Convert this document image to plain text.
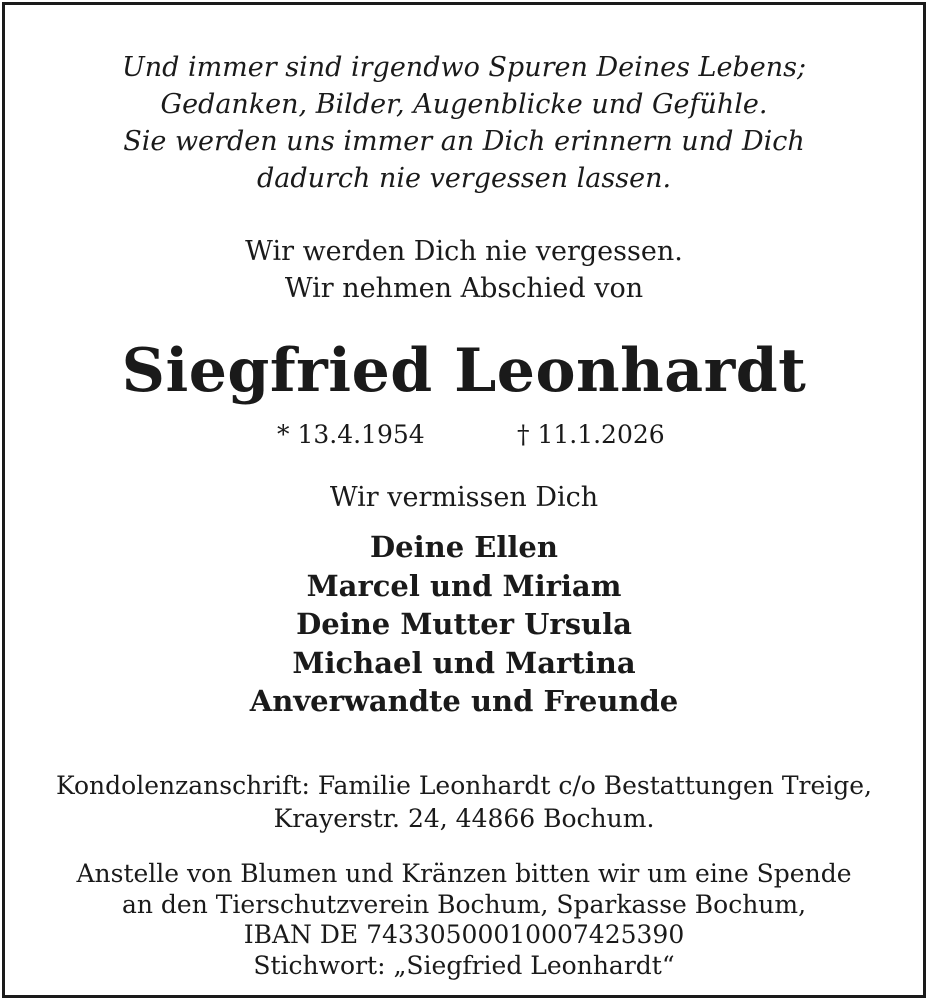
Und immer sind irgendwo Spuren Deines Lebens;
Gedanken, Bilder, Augenblicke und Gefühle.
Sie werden uns immer an Dich erinnern und Dich
dadurch nie vergessen lassen.
Wir werden Dich nie vergessen.
Wir nehmen Abschied von
Siegfried Leonhardt
* 13.4.1954	† 11.1.2026
Wir vermissen Dich
Deine Ellen
Marcel und Miriam
Deine Mutter Ursula
Michael und Martina
Anverwandte und Freunde
Kondolenzanschrift: Familie Leonhardt c/o Bestattungen Treige,
Krayerstr. 24, 44866 Bochum.
Anstelle von Blumen und Kränzen bitten wir um eine Spende
an den Tierschutzverein Bochum, Sparkasse Bochum,
IBAN DE 74330500010007425390
Stichwort: „Siegfried Leonhardt“
